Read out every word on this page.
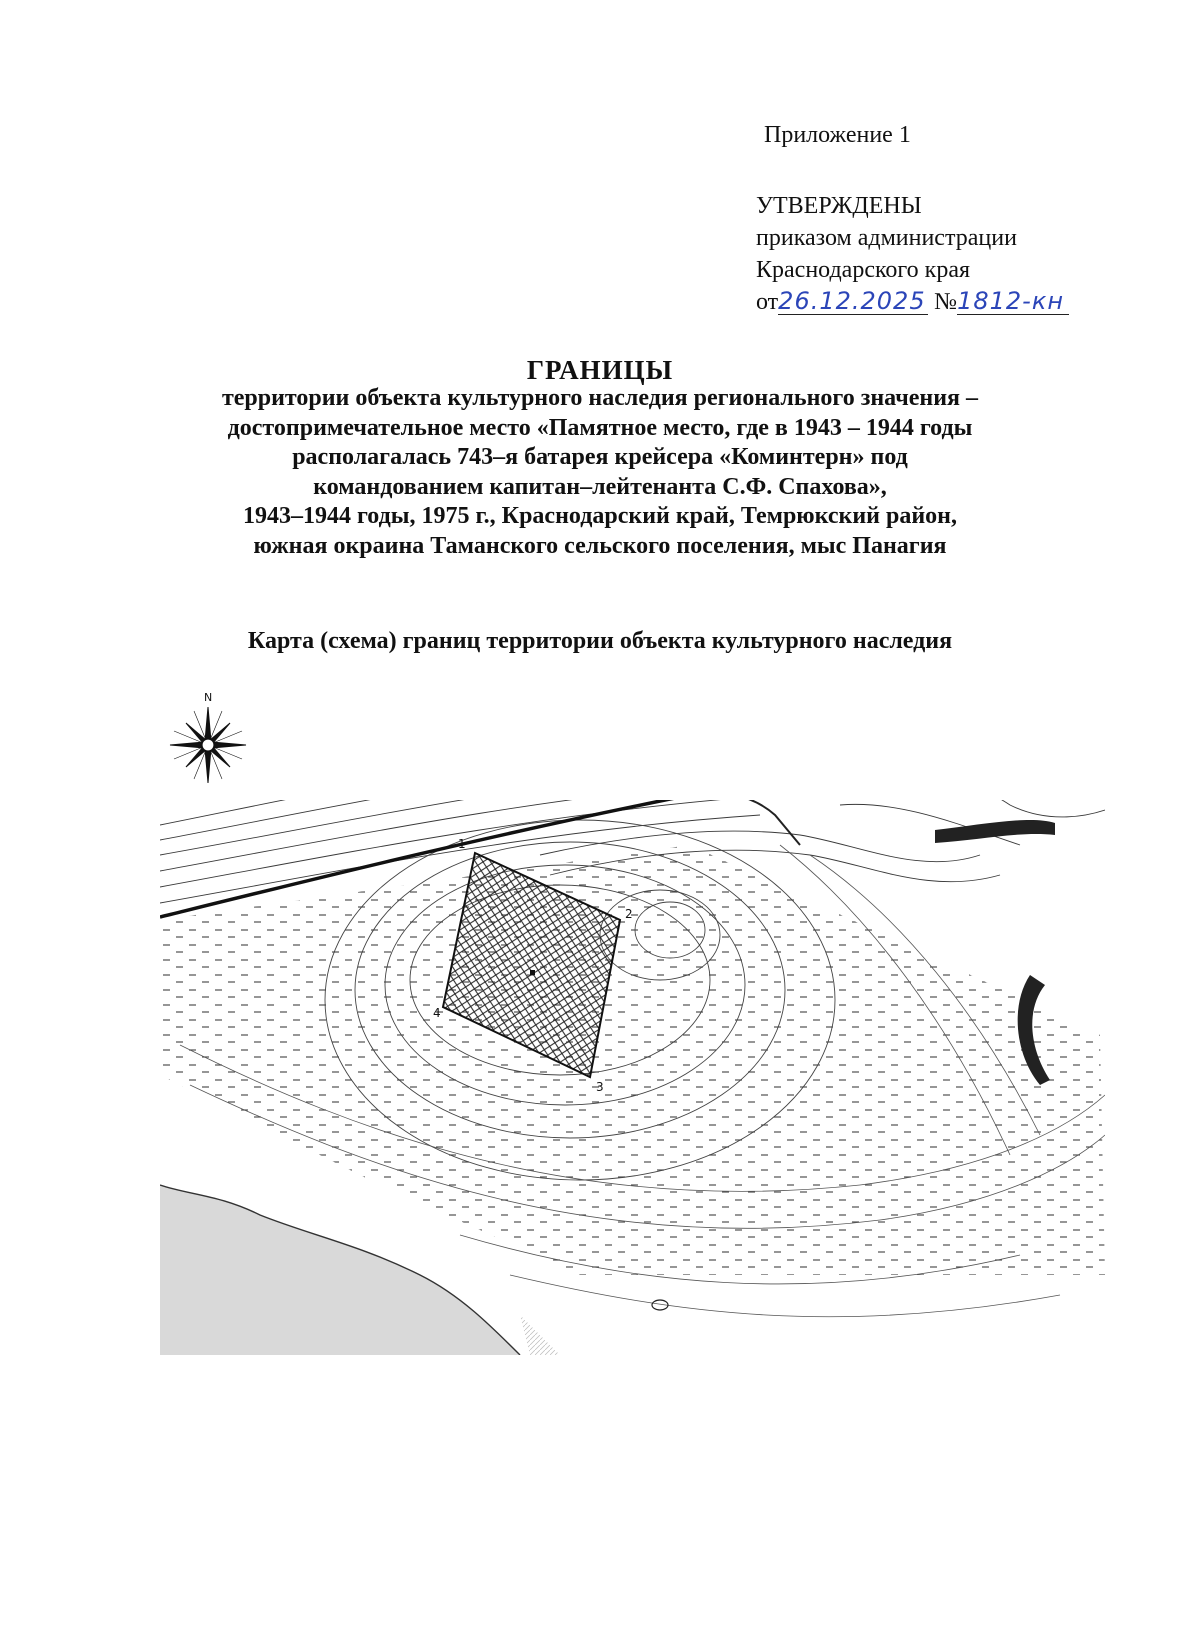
Приложение 1
УТВЕРЖДЕНЫ
приказом администрации
Краснодарского края
от26.12.2025 №1812-кн
ГРАНИЦЫ
территории объекта культурного наследия регионального значения –
достопримечательное место «Памятное место, где в 1943 – 1944 годы
располагалась 743–я батарея крейсера «Коминтерн» под
командованием капитан–лейтенанта С.Ф. Спахова»,
1943–1944 годы, 1975 г., Краснодарский край, Темрюкский район,
южная окраина Таманского сельского поселения, мыс Панагия
Карта (схема) границ территории объекта культурного наследия
1
2
3
4
N
